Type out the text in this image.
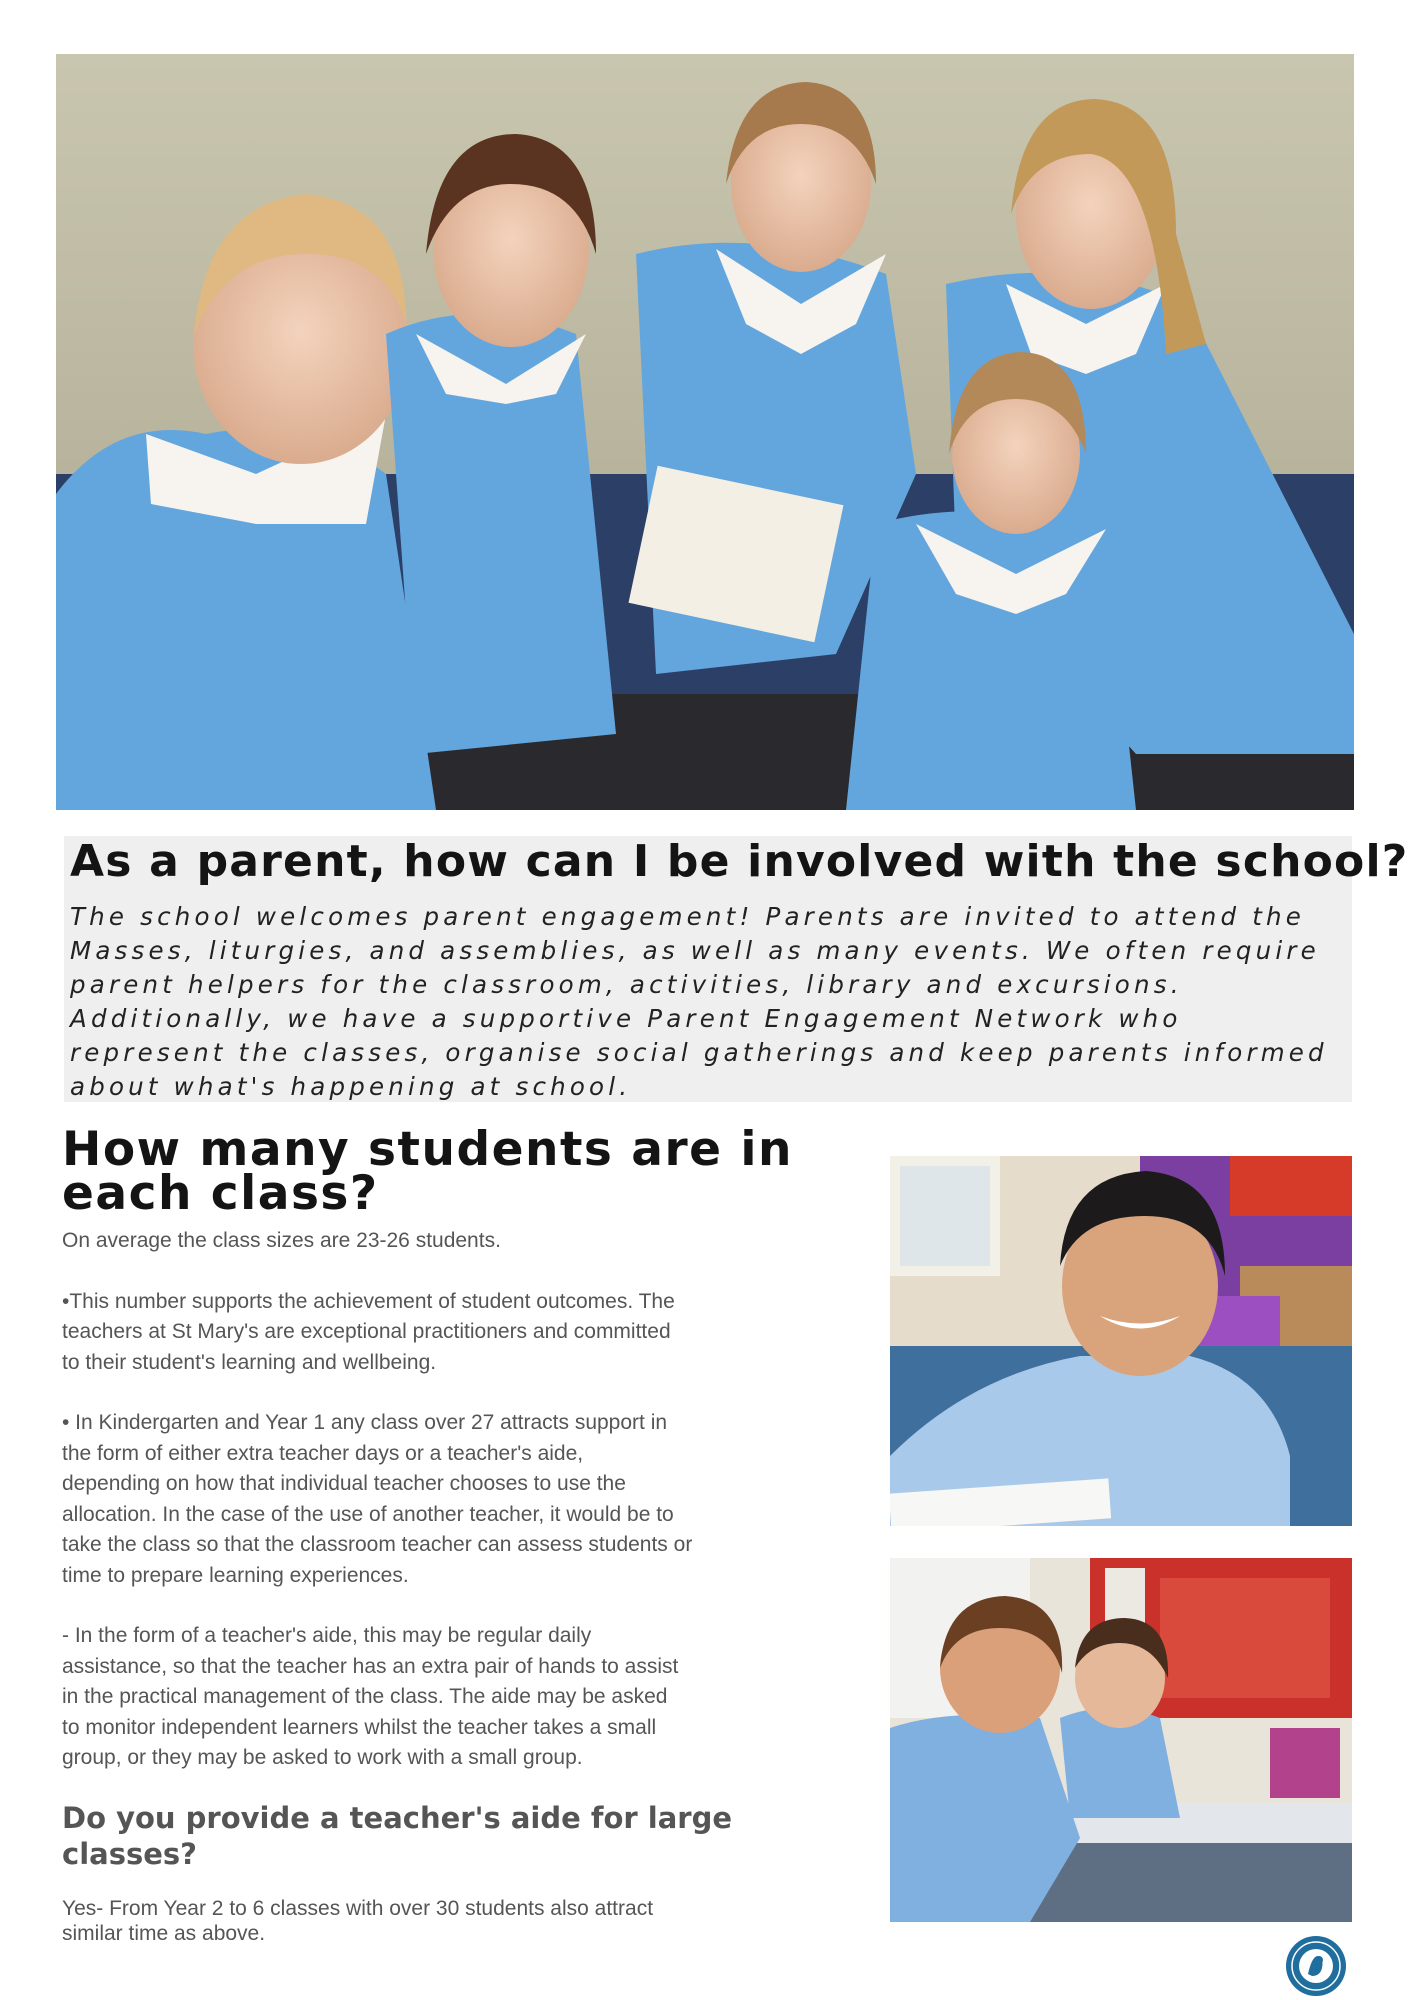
As a parent, how can I be involved with the school?
The school welcomes parent engagement! Parents are invited to attend the
Masses, liturgies, and assemblies, as well as many events. We often require
parent helpers for the classroom, activities, library and excursions.
Additionally, we have a supportive Parent Engagement Network who
represent the classes, organise social gatherings and keep parents informed
about what's happening at school.
How many students are in
each class?

On average the class sizes are 23-26 students.

•This number supports the achievement of student outcomes. The

teachers at St Mary's are exceptional practitioners and committed

to their student's learning and wellbeing.

• In Kindergarten and Year 1 any class over 27 attracts support in

the form of either extra teacher days or a teacher's aide,

depending on how that individual teacher chooses to use the

allocation. In the case of the use of another teacher, it would be to

take the class so that the classroom teacher can assess students or

time to prepare learning experiences.

- In the form of a teacher's aide, this may be regular daily

assistance, so that the teacher has an extra pair of hands to assist

in the practical management of the class. The aide may be asked

to monitor independent learners whilst the teacher takes a small

group, or they may be asked to work with a small group.

Do you provide a teacher's aide for large
classes?
Yes- From Year 2 to 6 classes with over 30 students also attract
similar time as above.
